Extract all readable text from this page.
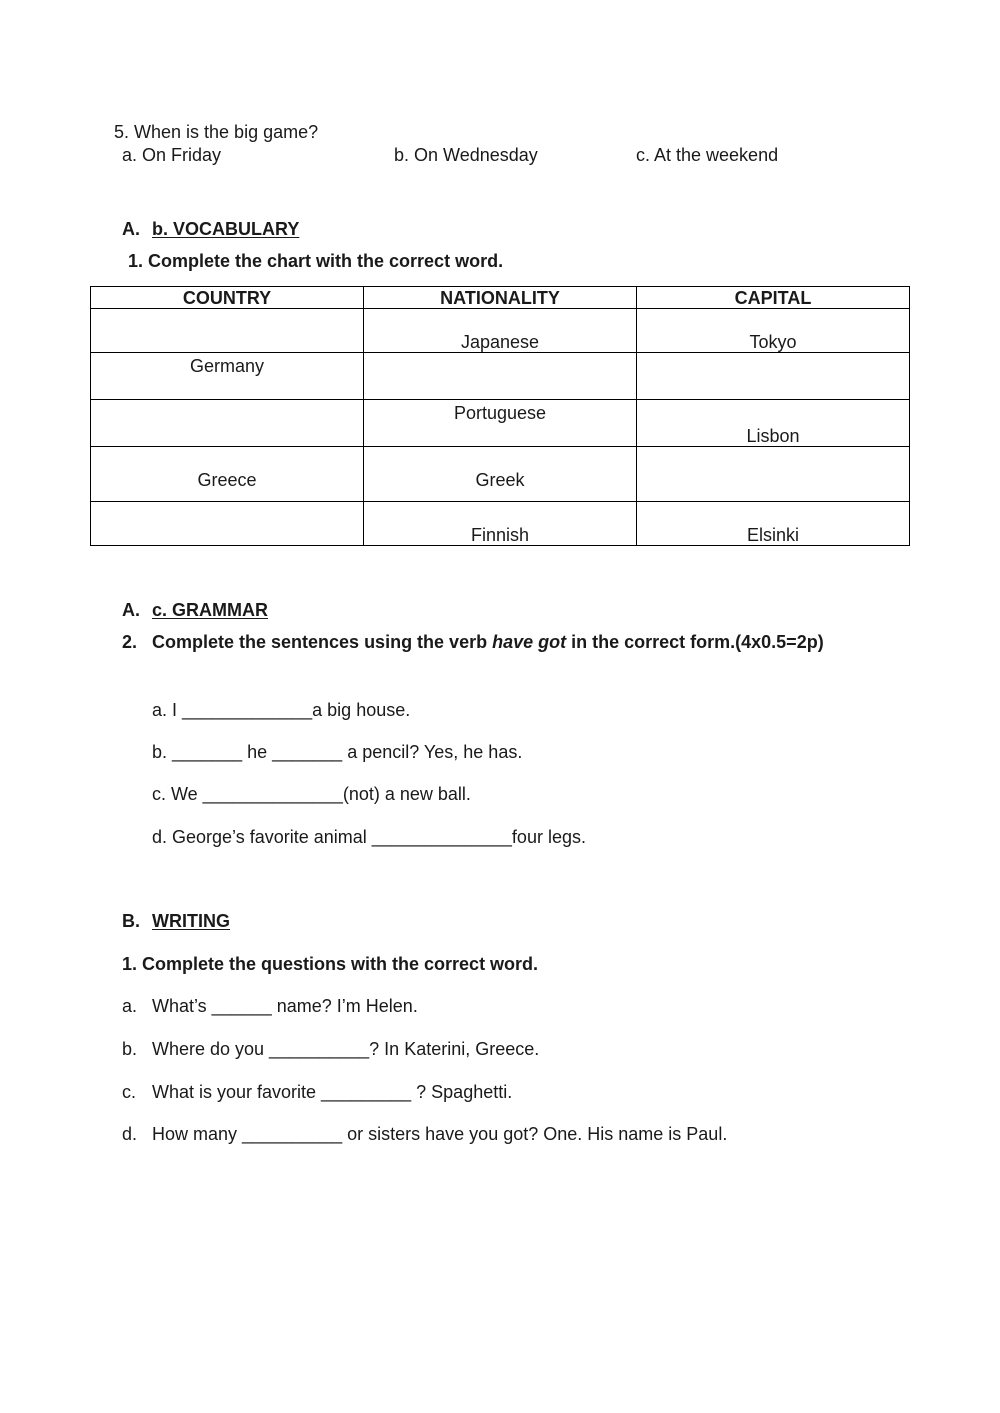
5. When is the big game?
a. On Friday	b. On Wednesday	c. At the weekend
A. b. VOCABULARY
1. Complete the chart with the correct word.
COUNTRY	NATIONALITY	CAPITAL
	Japanese	Tokyo
Germany		
	Portuguese	Lisbon
Greece	Greek	
	Finnish	Elsinki
A. c. GRAMMAR
2. Complete the sentences using the verb have got in the correct form.(4x0.5=2p)
a. I _____________a big house.
b. _______ he _______ a pencil? Yes, he has.
c. We ______________(not) a new ball.
d. George’s favorite animal ______________four legs.
B. WRITING
1. Complete the questions with the correct word.
a. What’s ______ name? I’m Helen.
b. Where do you __________? In Katerini, Greece.
c. What is your favorite _________ ? Spaghetti.
d. How many __________ or sisters have you got? One. His name is Paul.
